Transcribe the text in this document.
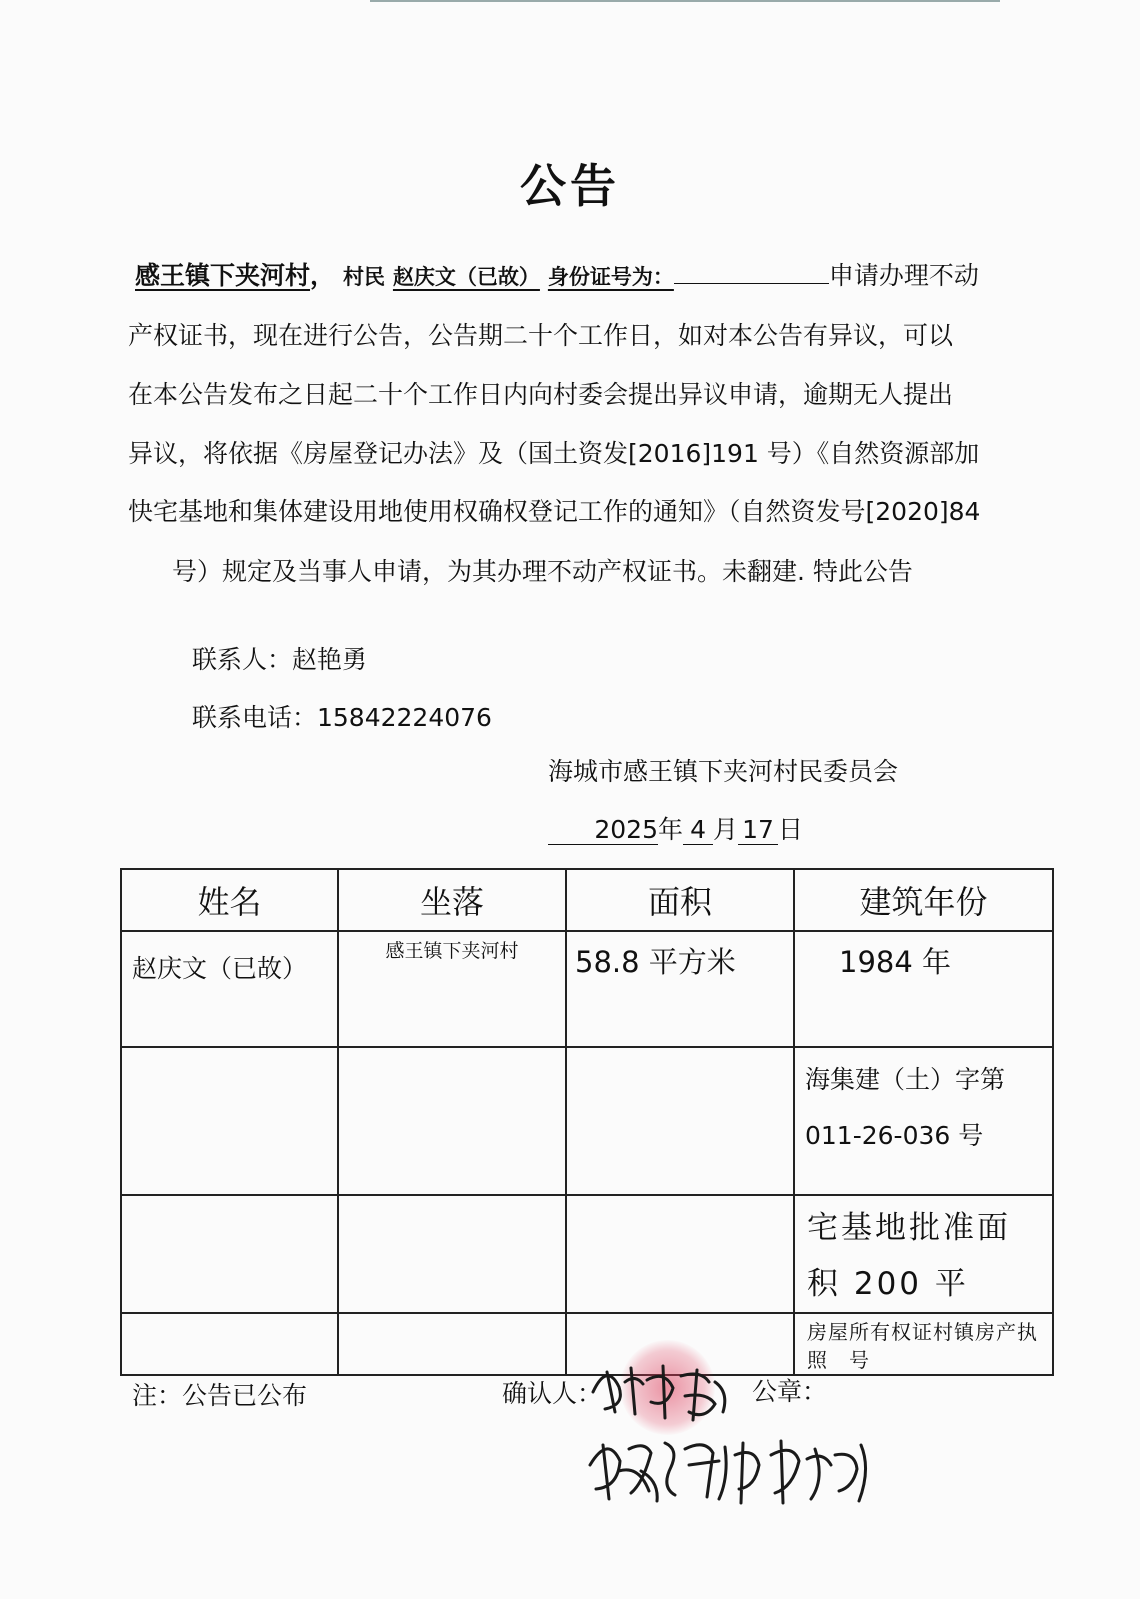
公告
感王镇下夹河村， 村民 赵庆文（已故） 身份证号为：	申请办理不动
产权证书，现在进行公告，公告期二十个工作日，如对本公告有异议，可以
在本公告发布之日起二十个工作日内向村委会提出异议申请，逾期无人提出
异议，将依据《房屋登记办法》及（国土资发[2016]191 号）《自然资源部加
快宅基地和集体建设用地使用权确权登记工作的通知》（自然资发号[2020]84
号）规定及当事人申请，为其办理不动产权证书。未翻建. 特此公告
联系人：赵艳勇
联系电话：15842224076
海城市感王镇下夹河村民委员会
2025年 4 月 17 日
姓名	坐落	面积	建筑年份
赵庆文（已故）	感王镇下夹河村	58.8 平方米	1984 年
			海集建（土）字第 011-26-036 号
			宅基地批准面积 200 平
			房屋所有权证村镇房产执照　号
注：公告已公布	确认人：	公章：
